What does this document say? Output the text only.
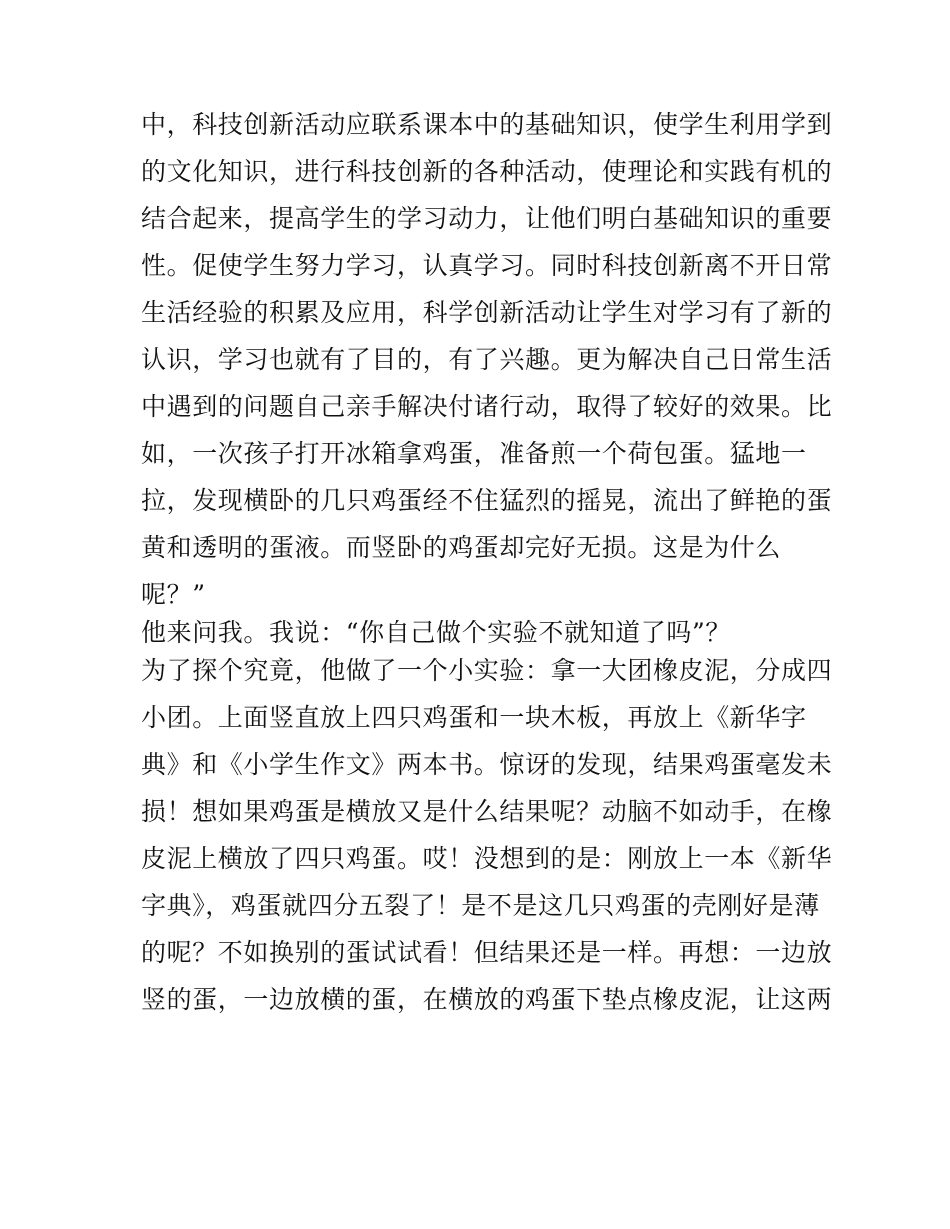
中，科技创新活动应联系课本中的基础知识，使学生利用学到
的文化知识，进行科技创新的各种活动，使理论和实践有机的
结合起来，提高学生的学习动力，让他们明白基础知识的重要
性。促使学生努力学习，认真学习。同时科技创新离不开日常
生活经验的积累及应用，科学创新活动让学生对学习有了新的
认识，学习也就有了目的，有了兴趣。更为解决自己日常生活
中遇到的问题自己亲手解决付诸行动，取得了较好的效果。比
如，一次孩子打开冰箱拿鸡蛋，准备煎一个荷包蛋。猛地一
拉，发现横卧的几只鸡蛋经不住猛烈的摇晃，流出了鲜艳的蛋
黄和透明的蛋液。而竖卧的鸡蛋却完好无损。这是为什么
呢？”
他来问我。我说：“你自己做个实验不就知道了吗”？
为了探个究竟，他做了一个小实验：拿一大团橡皮泥，分成四
小团。上面竖直放上四只鸡蛋和一块木板，再放上《新华字
典》和《小学生作文》两本书。惊讶的发现，结果鸡蛋毫发未
损！想如果鸡蛋是横放又是什么结果呢？动脑不如动手，在橡
皮泥上横放了四只鸡蛋。哎！没想到的是：刚放上一本《新华
字典》，鸡蛋就四分五裂了！是不是这几只鸡蛋的壳刚好是薄
的呢？不如换别的蛋试试看！但结果还是一样。再想：一边放
竖的蛋，一边放横的蛋，在横放的鸡蛋下垫点橡皮泥，让这两
